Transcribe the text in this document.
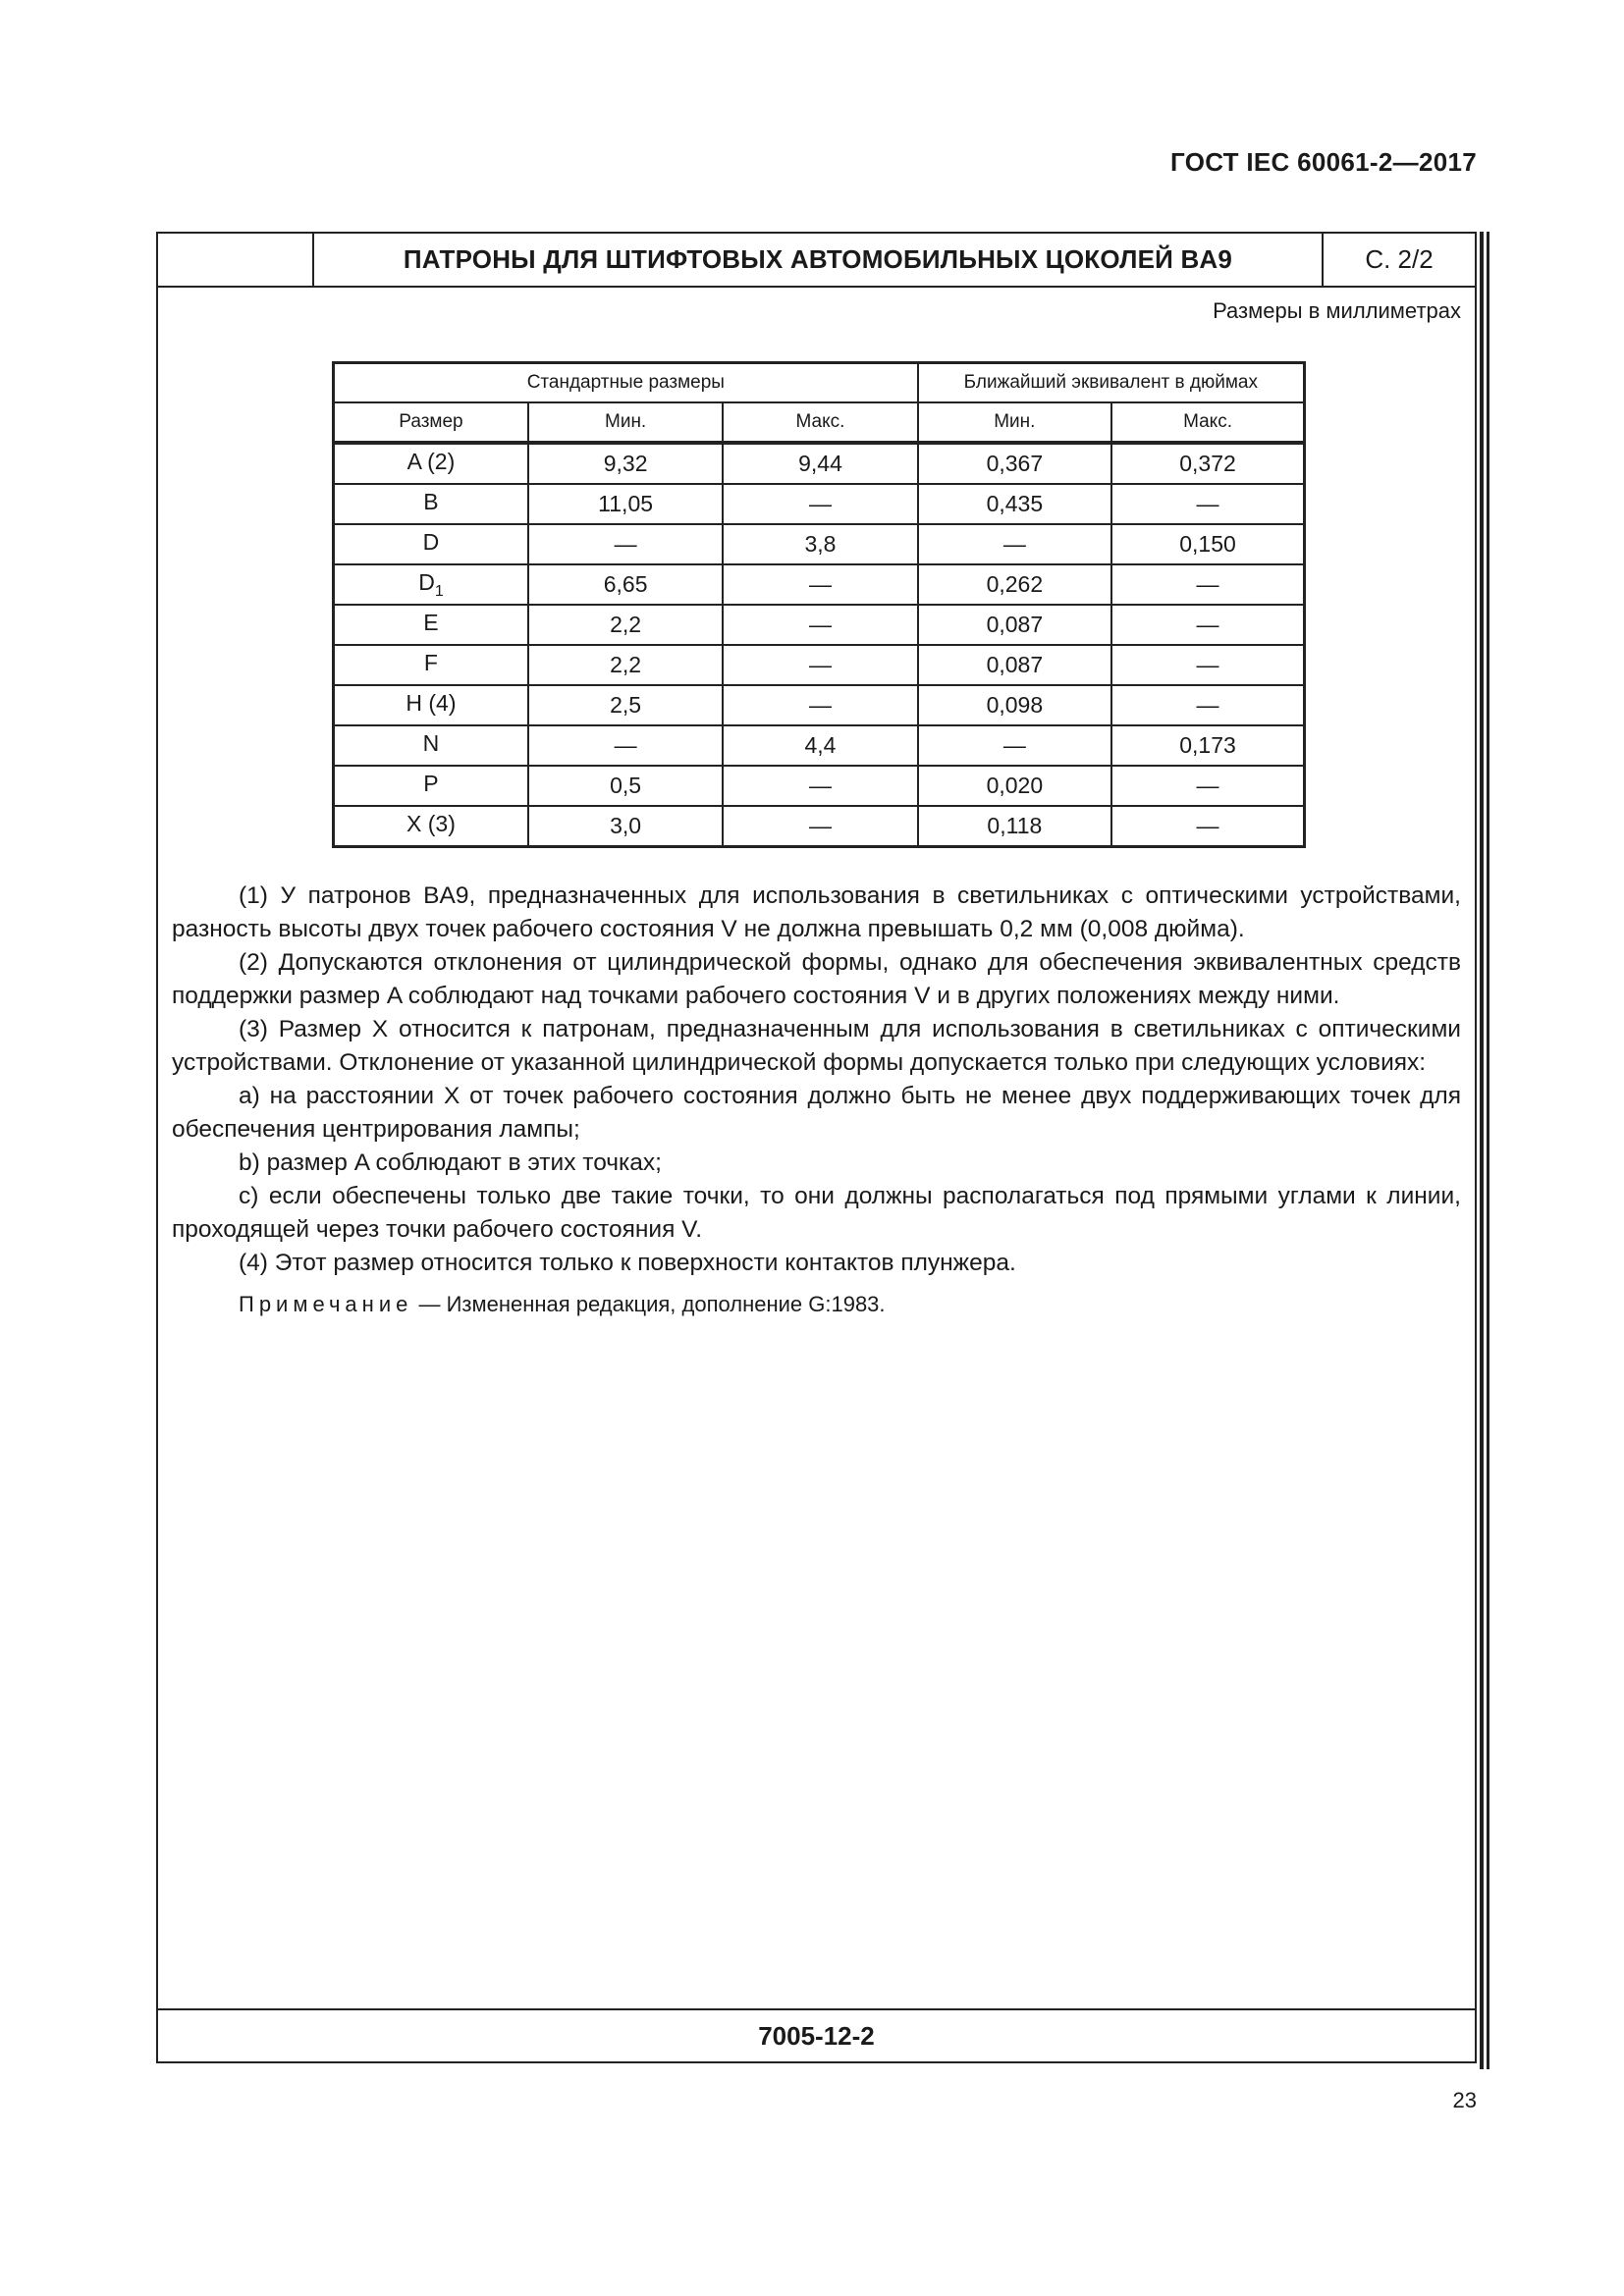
ГОСТ IEC 60061-2—2017
ПАТРОНЫ ДЛЯ ШТИФТОВЫХ АВТОМОБИЛЬНЫХ ЦОКОЛЕЙ BA9	С. 2/2
Размеры в миллиметрах
Стандартные размеры			Ближайший эквивалент в дюймах	
Размер	Мин.	Макс.	Мин.	Макс.
A (2)	9,32	9,44	0,367	0,372
B	11,05	—	0,435	—
D	—	3,8	—	0,150
$D_1$	6,65	—	0,262	—
E	2,2	—	0,087	—
F	2,2	—	0,087	—
H (4)	2,5	—	0,098	—
N	—	4,4	—	0,173
P	0,5	—	0,020	—
X (3)	3,0	—	0,118	—

(1) У патронов BA9, предназначенных для использования в светильниках с оптическими устройствами, разность высоты двух точек рабочего состояния V не должна превышать 0,2 мм (0,008 дюйма).

(2) Допускаются отклонения от цилиндрической формы, однако для обеспечения эквивалентных средств поддержки размер A соблюдают над точками рабочего состояния V и в других положениях между ними.

(3) Размер X относится к патронам, предназначенным для использования в светильниках с оптическими устройствами. Отклонение от указанной цилиндрической формы допускается только при следующих условиях:

a) на расстоянии X от точек рабочего состояния должно быть не менее двух поддерживающих точек для обеспечения центрирования лампы;

b) размер A соблюдают в этих точках;

c) если обеспечены только две такие точки, то они должны располагаться под прямыми углами к линии, проходящей через точки рабочего состояния V.

(4) Этот размер относится только к поверхности контактов плунжера.

Примечание — Измененная редакция, дополнение G:1983.

7005-12-2
23
